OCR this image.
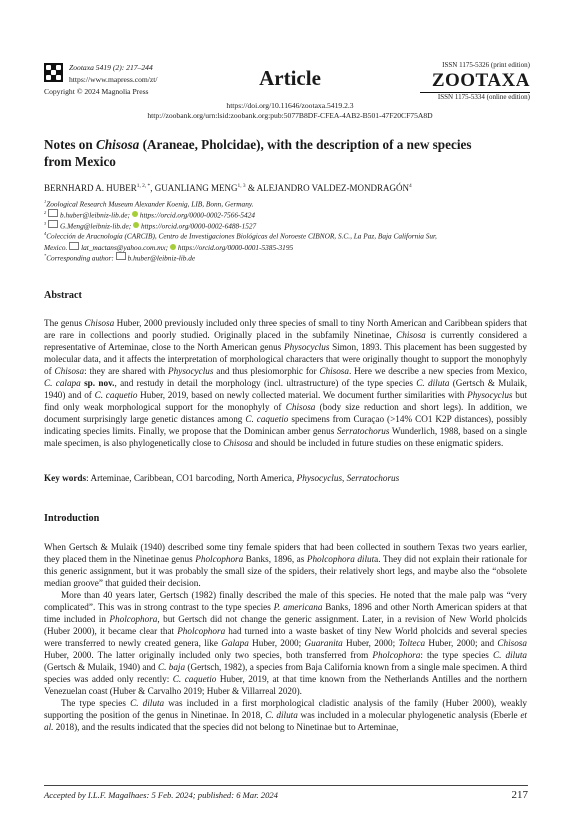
Zootaxa 5419 (2): 217–244
https://www.mapress.com/zt/
Copyright © 2024 Magnolia Press
Article
ISSN 1175-5326 (print edition)
ZOOTAXA
ISSN 1175-5334 (online edition)
https://doi.org/10.11646/zootaxa.5419.2.3
http://zoobank.org/urn:lsid:zoobank.org:pub:5077B8DF-CFEA-4AB2-B501-47F20CF75A8D
Notes on Chisosa (Araneae, Pholcidae), with the description of a new species
from Mexico
BERNHARD A. $HUBER^{1, 2, *}$, GUANLIANG MENG$^{1, 3}$ & ALEJANDRO VALDEZ-MONDRAGÓN$^4$
$^1$Zoological Research Museum Alexander Koenig, LIB, Bonn, Germany.
$^2$ b.huber@leibniz-lib.de; https://orcid.org/0000-0002-7566-5424
$^3$ G.Meng@leibniz-lib.de; https://orcid.org/0000-0002-6488-1527
$^4$Colección de Aracnología (CARCIB), Centro de Investigaciones Biológicas del Noroeste CIBNOR, S.C., La Paz, Baja California Sur,
Mexico. lat_mactans@yahoo.com.mx; https://orcid.org/0000-0001-5385-3195
*Corresponding author: b.huber@leibniz-lib.de
Abstract

The genus Chisosa Huber, 2000 previously included only three species of small to tiny North American and Caribbean spiders that are rare in collections and poorly studied. Originally placed in the subfamily Ninetinae, Chisosa is currently considered a representative of Arteminae, close to the North American genus Physocyclus Simon, 1893. This placement has been suggested by molecular data, and it affects the interpretation of morphological characters that were originally thought to support the monophyly of Chisosa: they are shared with Physocyclus and thus plesiomorphic for Chisosa. Here we describe a new species from Mexico, C. calapa sp. nov., and restudy in detail the morphology (incl. ultrastructure) of the type species C. diluta (Gertsch & Mulaik, 1940) and of C. caquetio Huber, 2019, based on newly collected material. We document further similarities with Physocyclus but find only weak morphological support for the monophyly of Chisosa (body size reduction and short legs). In addition, we document surprisingly large genetic distances among C. caquetio specimens from Curaçao (>14% CO1 K2P distances), possibly indicating species limits. Finally, we propose that the Dominican amber genus Serratochorus Wunderlich, 1988, based on a single male specimen, is also phylogenetically close to Chisosa and should be included in future studies on these enigmatic spiders.

Key words: Arteminae, Caribbean, CO1 barcoding, North America, Physocyclus, Serratochorus
Introduction

When Gertsch & Mulaik (1940) described some tiny female spiders that had been collected in southern Texas two years earlier, they placed them in the Ninetinae genus Pholcophora Banks, 1896, as Pholcophora diluta. They did not explain their rationale for this generic assignment, but it was probably the small size of the spiders, their relatively short legs, and maybe also the “obsolete median groove” that guided their decision.

More than 40 years later, Gertsch (1982) finally described the male of this species. He noted that the male palp was “very complicated”. This was in strong contrast to the type species P. americana Banks, 1896 and other North American spiders at that time included in Pholcophora, but Gertsch did not change the generic assignment. Later, in a revision of New World pholcids (Huber 2000), it became clear that Pholcophora had turned into a waste basket of tiny New World pholcids and several species were transferred to newly created genera, like Galapa Huber, 2000; Guaranita Huber, 2000; Tolteca Huber, 2000; and Chisosa Huber, 2000. The latter originally included only two species, both transferred from Pholcophora: the type species C. diluta (Gertsch & Mulaik, 1940) and C. baja (Gertsch, 1982), a species from Baja California known from a single male specimen. A third species was added only recently: C. caquetio Huber, 2019, at that time known from the Netherlands Antilles and the northern Venezuelan coast (Huber & Carvalho 2019; Huber & Villarreal 2020).

The type species C. diluta was included in a first morphological cladistic analysis of the family (Huber 2000), weakly supporting the position of the genus in Ninetinae. In 2018, C. diluta was included in a molecular phylogenetic analysis (Eberle et al. 2018), and the results indicated that the species did not belong to Ninetinae but to Arteminae,

Accepted by I.L.F. Magalhaes: 5 Feb. 2024; published: 6 Mar. 2024	217
